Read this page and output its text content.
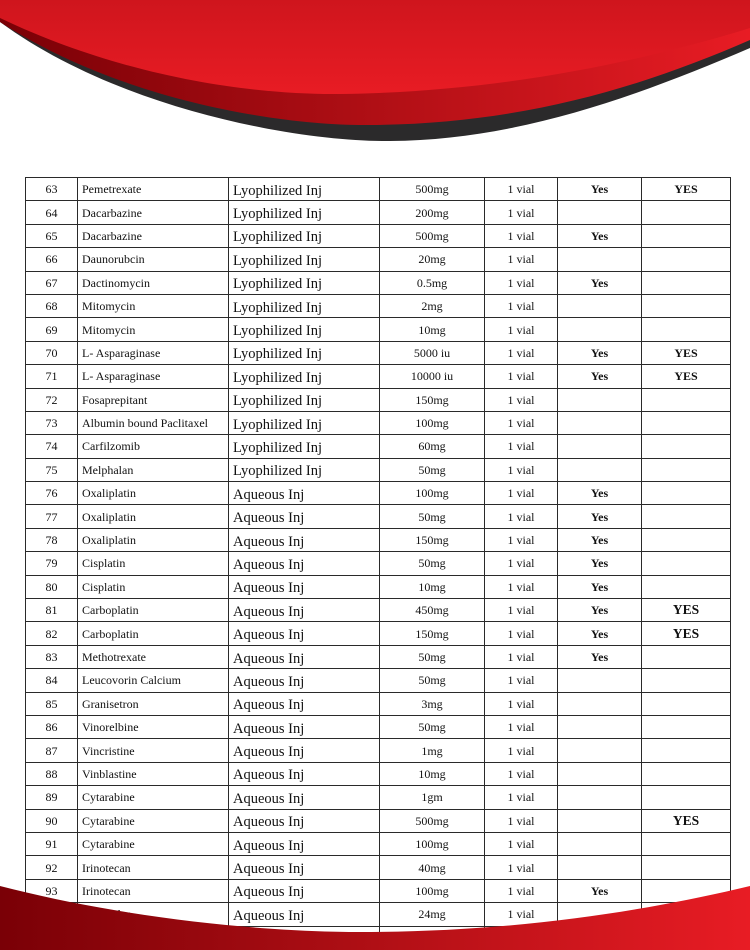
63	Pemetrexate	Lyophilized Inj	500mg	1 vial	Yes	YES
64	Dacarbazine	Lyophilized Inj	200mg	1 vial		
65	Dacarbazine	Lyophilized Inj	500mg	1 vial	Yes	
66	Daunorubcin	Lyophilized Inj	20mg	1 vial		
67	Dactinomycin	Lyophilized Inj	0.5mg	1 vial	Yes	
68	Mitomycin	Lyophilized Inj	2mg	1 vial		
69	Mitomycin	Lyophilized Inj	10mg	1 vial		
70	L- Asparaginase	Lyophilized Inj	5000 iu	1 vial	Yes	YES
71	L- Asparaginase	Lyophilized Inj	10000 iu	1 vial	Yes	YES
72	Fosaprepitant	Lyophilized Inj	150mg	1 vial		
73	Albumin bound Paclitaxel	Lyophilized Inj	100mg	1 vial		
74	Carfilzomib	Lyophilized Inj	60mg	1 vial		
75	Melphalan	Lyophilized Inj	50mg	1 vial		
76	Oxaliplatin	Aqueous Inj	100mg	1 vial	Yes	
77	Oxaliplatin	Aqueous Inj	50mg	1 vial	Yes	
78	Oxaliplatin	Aqueous Inj	150mg	1 vial	Yes	
79	Cisplatin	Aqueous Inj	50mg	1 vial	Yes	
80	Cisplatin	Aqueous Inj	10mg	1 vial	Yes	
81	Carboplatin	Aqueous Inj	450mg	1 vial	Yes	YES
82	Carboplatin	Aqueous Inj	150mg	1 vial	Yes	YES
83	Methotrexate	Aqueous Inj	50mg	1 vial	Yes	
84	Leucovorin Calcium	Aqueous Inj	50mg	1 vial		
85	Granisetron	Aqueous Inj	3mg	1 vial		
86	Vinorelbine	Aqueous Inj	50mg	1 vial		
87	Vincristine	Aqueous Inj	1mg	1 vial		
88	Vinblastine	Aqueous Inj	10mg	1 vial		
89	Cytarabine	Aqueous Inj	1gm	1 vial		
90	Cytarabine	Aqueous Inj	500mg	1 vial		YES
91	Cytarabine	Aqueous Inj	100mg	1 vial		
92	Irinotecan	Aqueous Inj	40mg	1 vial		
93	Irinotecan	Aqueous Inj	100mg	1 vial	Yes	
		Aqueous Inj	24mg	1 vial		
